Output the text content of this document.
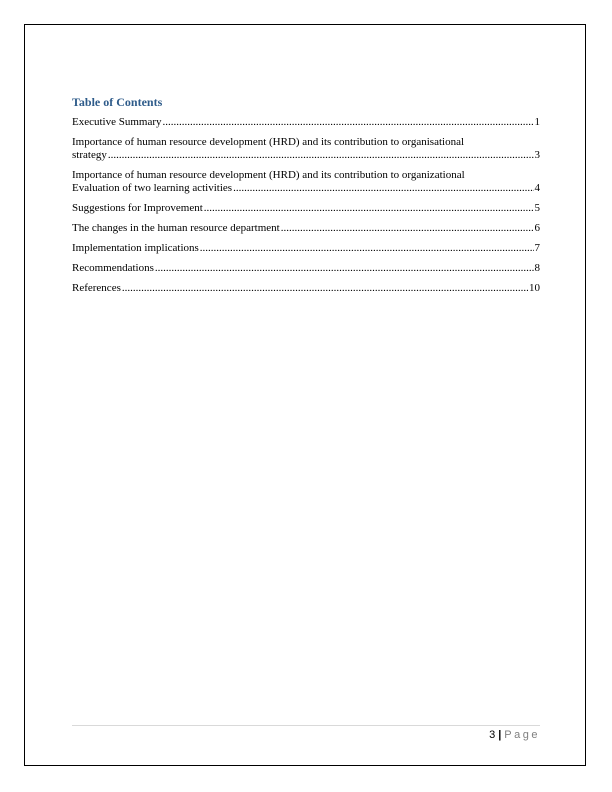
Table of Contents
Executive Summary .....	1
Importance of human resource development (HRD) and its contribution to organisational
strategy .....	3
Importance of human resource development (HRD) and its contribution to organizational
Evaluation of two learning activities .....	4
Suggestions for Improvement .....	5
The changes in the human resource department .....	6
Implementation implications .....	7
Recommendations .....	8
References .....	10
3 | Page
